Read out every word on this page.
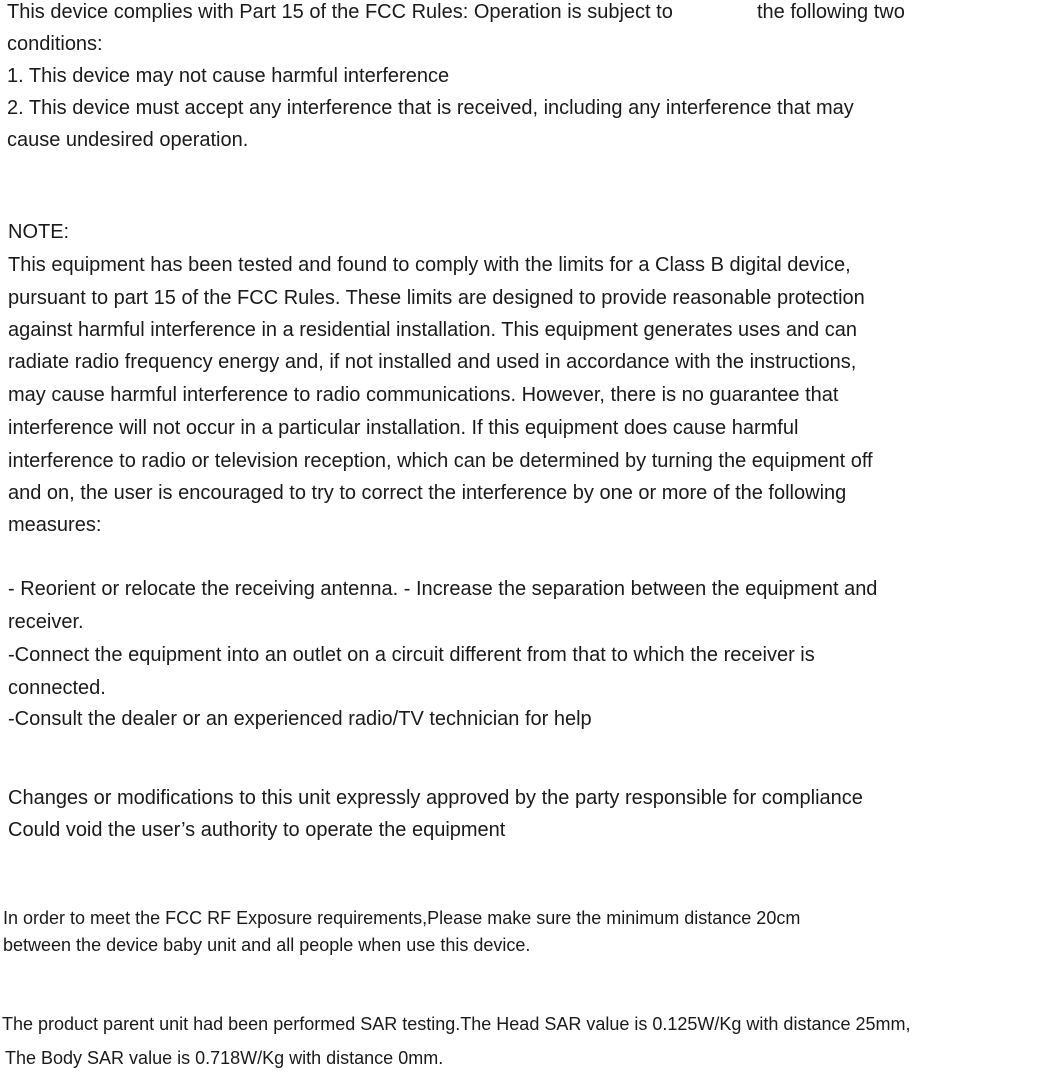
This device complies with Part 15 of the FCC Rules: Operation is subject to	the following two
conditions:
1. This device may not cause harmful interference
2. This device must accept any interference that is received, including any interference that may
cause undesired operation.
NOTE:
This equipment has been tested and found to comply with the limits for a Class B digital device,
pursuant to part 15 of the FCC Rules. These limits are designed to provide reasonable protection
against harmful interference in a residential installation. This equipment generates uses and can
radiate radio frequency energy and, if not installed and used in accordance with the instructions,
may cause harmful interference to radio communications. However, there is no guarantee that
interference will not occur in a particular installation. If this equipment does cause harmful
interference to radio or television reception, which can be determined by turning the equipment off
and on, the user is encouraged to try to correct the interference by one or more of the following
measures:
- Reorient or relocate the receiving antenna. - Increase the separation between the equipment and
receiver.
-Connect the equipment into an outlet on a circuit different from that to which the receiver is
connected.
-Consult the dealer or an experienced radio/TV technician for help
Changes or modifications to this unit expressly approved by the party responsible for compliance
Could void the user’s authority to operate the equipment
In order to meet the FCC RF Exposure requirements,Please make sure the minimum distance 20cm
between the device baby unit and all people when use this device.
The product parent unit had been performed SAR testing.The Head SAR value is 0.125W/Kg with distance 25mm,
The Body SAR value is 0.718W/Kg with distance 0mm.
